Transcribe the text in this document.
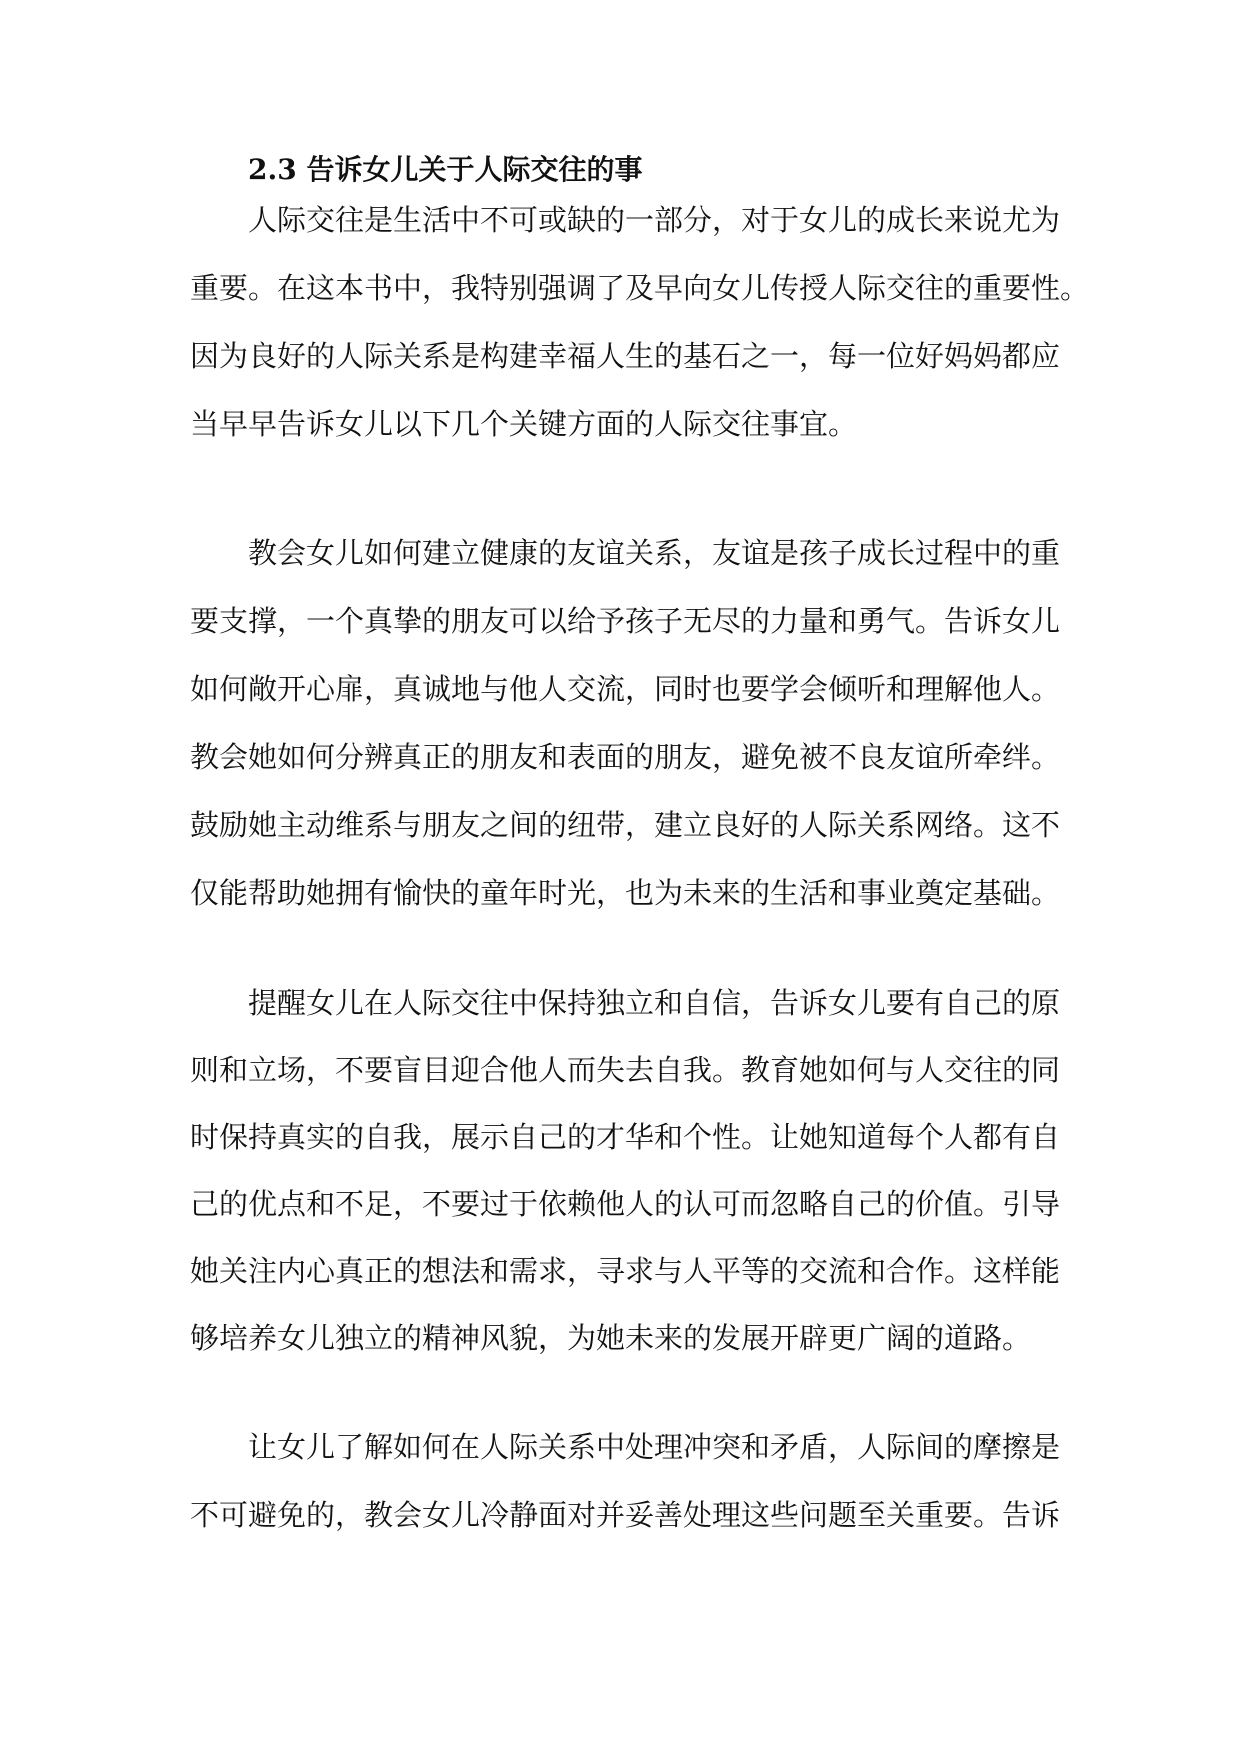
2.3 告诉女儿关于人际交往的事

人际交往是生活中不可或缺的一部分，对于女儿的成长来说尤为

重要。在这本书中，我特别强调了及早向女儿传授人际交往的重要性。

因为良好的人际关系是构建幸福人生的基石之一，每一位好妈妈都应

当早早告诉女儿以下几个关键方面的人际交往事宜。

教会女儿如何建立健康的友谊关系，友谊是孩子成长过程中的重

要支撑，一个真挚的朋友可以给予孩子无尽的力量和勇气。告诉女儿

如何敞开心扉，真诚地与他人交流，同时也要学会倾听和理解他人。

教会她如何分辨真正的朋友和表面的朋友，避免被不良友谊所牵绊。

鼓励她主动维系与朋友之间的纽带，建立良好的人际关系网络。这不

仅能帮助她拥有愉快的童年时光，也为未来的生活和事业奠定基础。

提醒女儿在人际交往中保持独立和自信，告诉女儿要有自己的原

则和立场，不要盲目迎合他人而失去自我。教育她如何与人交往的同

时保持真实的自我，展示自己的才华和个性。让她知道每个人都有自

己的优点和不足，不要过于依赖他人的认可而忽略自己的价值。引导

她关注内心真正的想法和需求，寻求与人平等的交流和合作。这样能

够培养女儿独立的精神风貌，为她未来的发展开辟更广阔的道路。

让女儿了解如何在人际关系中处理冲突和矛盾，人际间的摩擦是

不可避免的，教会女儿冷静面对并妥善处理这些问题至关重要。告诉
